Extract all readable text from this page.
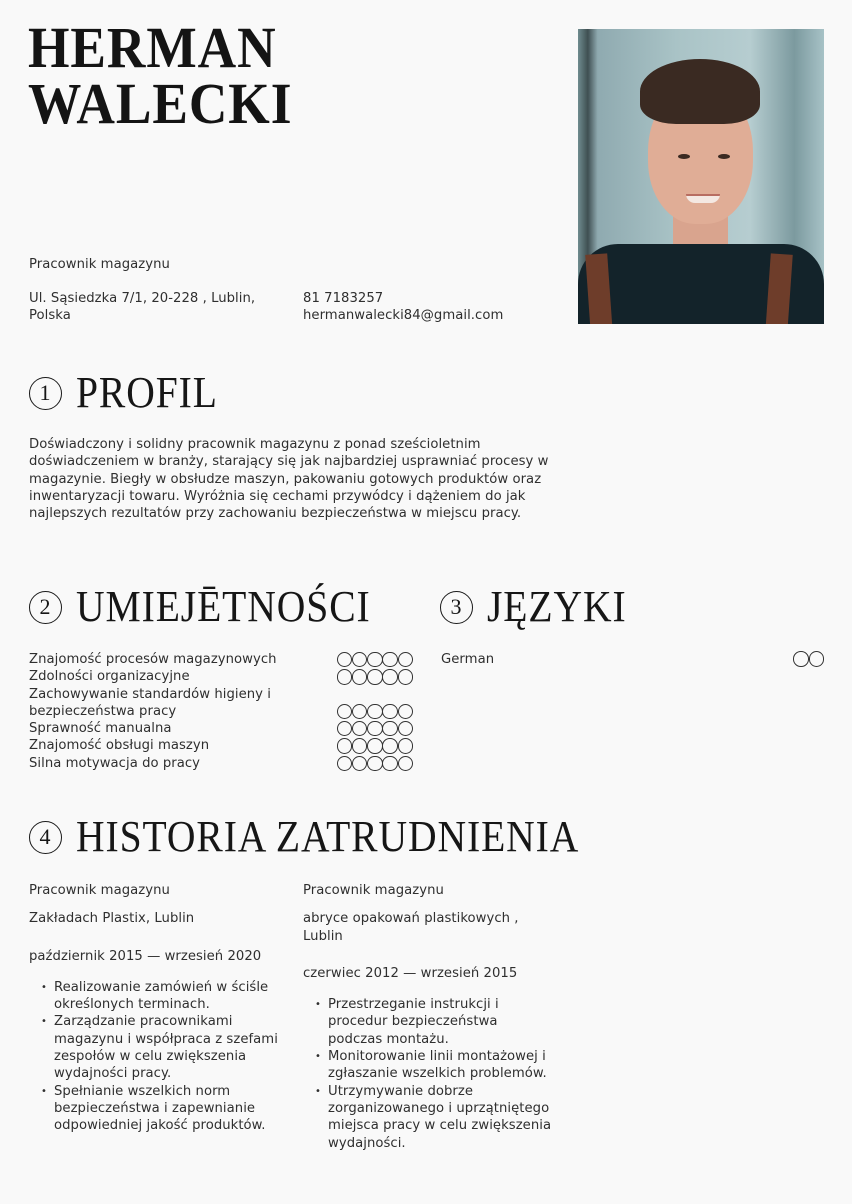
HERMAN
WALECKI
Pracownik magazynu
Ul. Sąsiedzka 7/1, 20-228 , Lublin,
Polska
81 7183257
hermanwalecki84@gmail.com
1 PROFIL

Doświadczony i solidny pracownik magazynu z ponad sześcioletnim doświadczeniem w branży, starający się jak najbardziej usprawniać procesy w magazynie. Biegły w obsłudze maszyn, pakowaniu gotowych produktów oraz inwentaryzacji towaru. Wyróżnia się cechami przywódcy i dążeniem do jak najlepszych rezultatów przy zachowaniu bezpieczeństwa w miejscu pracy.

2 UMIEJĒTNOŚCI
Znajomość procesów magazynowych
Zdolności organizacyjne
Zachowywanie standardów higieny i bezpieczeństwa pracy
Sprawność manualna
Znajomość obsługi maszyn
Silna motywacja do pracy
3 JĘZYKI
German
4 HISTORIA ZATRUDNIENIA

Pracownik magazynu

Zakładach Plastix, Lublin

październik 2015 — wrzesień 2020

• Realizowanie zamówień w ściśle określonych terminach.
• Zarządzanie pracownikami magazynu i współpraca z szefami zespołów w celu zwiększenia wydajności pracy.
• Spełnianie wszelkich norm bezpieczeństwa i zapewnianie odpowiedniej jakość produktów.

Pracownik magazynu

abryce opakowań plastikowych , Lublin

czerwiec 2012 — wrzesień 2015

• Przestrzeganie instrukcji i procedur bezpieczeństwa podczas montażu.
• Monitorowanie linii montażowej i zgłaszanie wszelkich problemów.
• Utrzymywanie dobrze zorganizowanego i uprzątniętego miejsca pracy w celu zwiększenia wydajności.
